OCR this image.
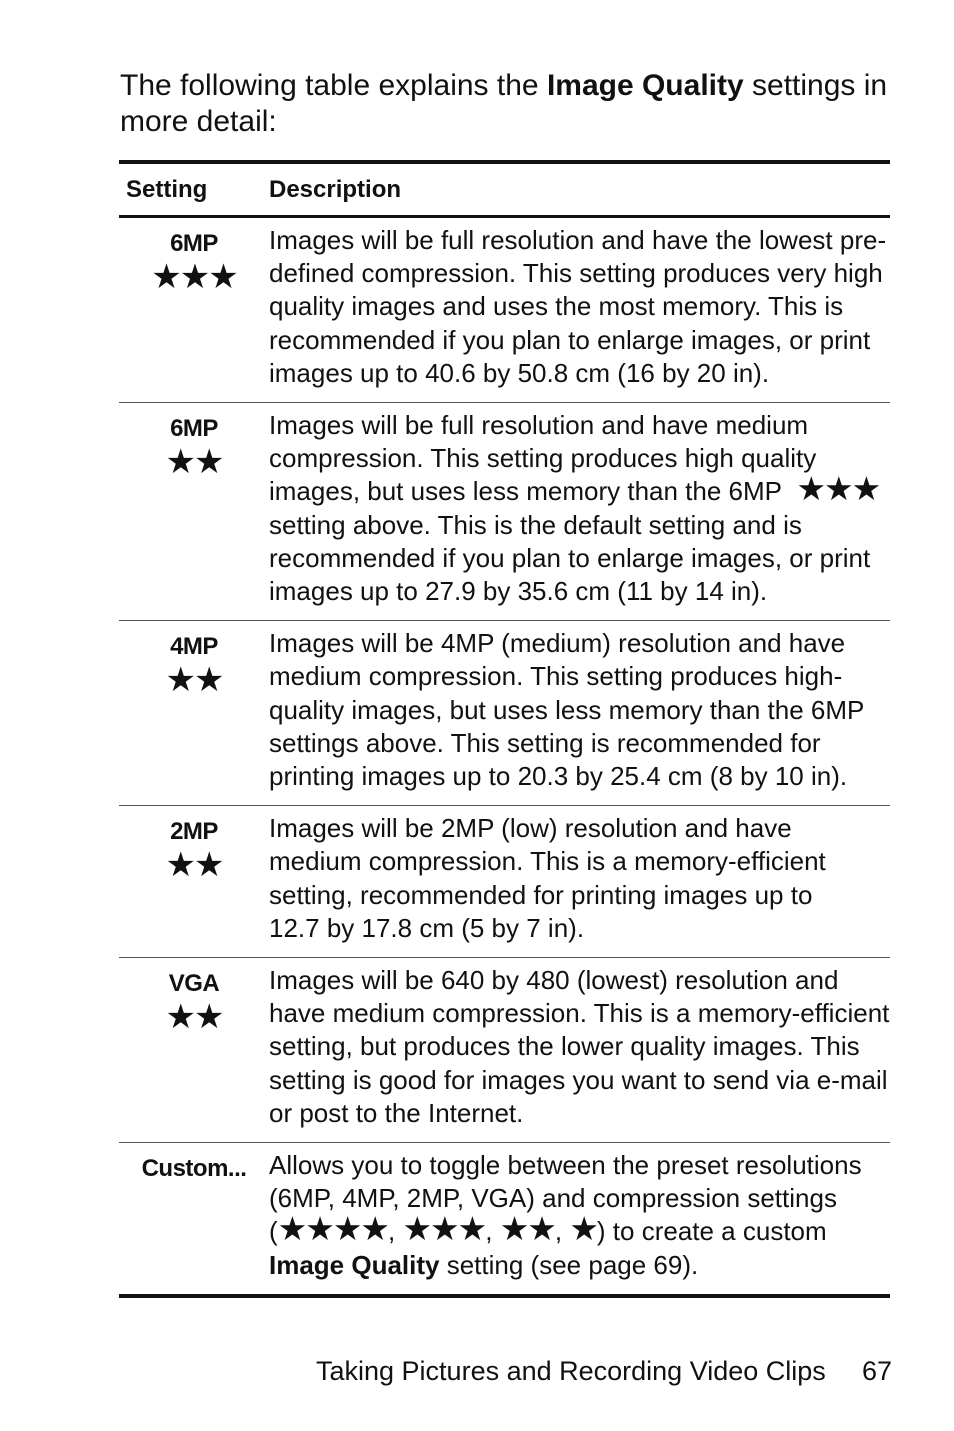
The following table explains the Image Quality settings in
more detail:

Setting	Description
6MP
★★★
Images will be full resolution and have the lowest pre-
defined compression. This setting produces very high
quality images and uses the most memory. This is
recommended if you plan to enlarge images, or print
images up to 40.6 by 50.8 cm (16 by 20 in).
6MP
★★
Images will be full resolution and have medium
compression. This setting produces high quality
images, but uses less memory than the 6MP ★★★
setting above. This is the default setting and is
recommended if you plan to enlarge images, or print
images up to 27.9 by 35.6 cm (11 by 14 in).
4MP
★★
Images will be 4MP (medium) resolution and have
medium compression. This setting produces high-
quality images, but uses less memory than the 6MP
settings above. This setting is recommended for
printing images up to 20.3 by 25.4 cm (8 by 10 in).
2MP
★★
Images will be 2MP (low) resolution and have
medium compression. This is a memory-efficient
setting, recommended for printing images up to
12.7 by 17.8 cm (5 by 7 in).
VGA
★★
Images will be 640 by 480 (lowest) resolution and
have medium compression. This is a memory-efficient
setting, but produces the lower quality images. This
setting is good for images you want to send via e-mail
or post to the Internet.
Custom... Allows you to toggle between the preset resolutions
(6MP, 4MP, 2MP, VGA) and compression settings
(★★★★, ★★★, ★★, ★) to create a custom
Image Quality setting (see page 69).
Taking Pictures and Recording Video Clips 67
